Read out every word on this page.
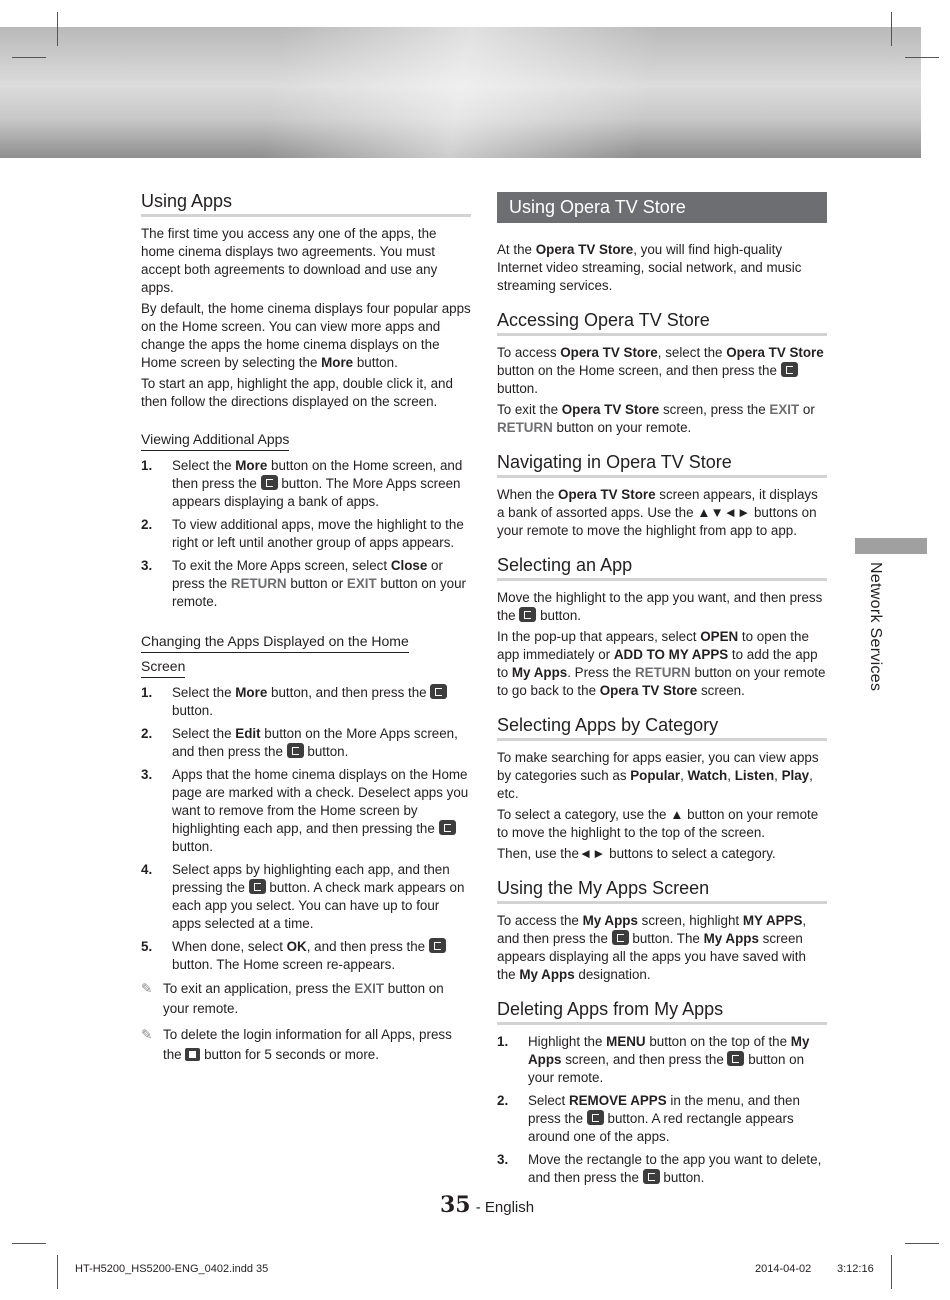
Using Apps

The first time you access any one of the apps, the home cinema displays two agreements. You must accept both agreements to download and use any apps.

By default, the home cinema displays four popular apps on the Home screen. You can view more apps and change the apps the home cinema displays on the Home screen by selecting the More button.

To start an app, highlight the app, double click it, and then follow the directions displayed on the screen.

Viewing Additional Apps
1. Select the More button on the Home screen, and then press the  button. The More Apps screen appears displaying a bank of apps.
2. To view additional apps, move the highlight to the right or left until another group of apps appears.
3. To exit the More Apps screen, select Close or press the RETURN button or EXIT button on your remote.
Changing the Apps Displayed on the Home
Screen
1. Select the More button, and then press the  button.
2. Select the Edit button on the More Apps screen, and then press the  button.
3. Apps that the home cinema displays on the Home page are marked with a check. Deselect apps you want to remove from the Home screen by highlighting each app, and then pressing the  button.
4. Select apps by highlighting each app, and then pressing the  button. A check mark appears on each app you select. You can have up to four apps selected at a time.
5. When done, select OK, and then press the  button. The Home screen re-appears.
✎ To exit an application, press the EXIT button on your remote.
✎ To delete the login information for all Apps, press the  button for 5 seconds or more.
Using Opera TV Store

At the Opera TV Store, you will find high-quality Internet video streaming, social network, and music streaming services.

Accessing Opera TV Store

To access Opera TV Store, select the Opera TV Store button on the Home screen, and then press the  button.

To exit the Opera TV Store screen, press the EXIT or RETURN button on your remote.

Navigating in Opera TV Store

When the Opera TV Store screen appears, it displays a bank of assorted apps. Use the ▲▼◄► buttons on your remote to move the highlight from app to app.

Selecting an App

Move the highlight to the app you want, and then press the  button.

In the pop-up that appears, select OPEN to open the app immediately or ADD TO MY APPS to add the app to My Apps. Press the RETURN button on your remote to go back to the Opera TV Store screen.

Selecting Apps by Category

To make searching for apps easier, you can view apps by categories such as Popular, Watch, Listen, Play, etc.

To select a category, use the ▲ button on your remote to move the highlight to the top of the screen.

Then, use the◄► buttons to select a category.

Using the My Apps Screen

To access the My Apps screen, highlight MY APPS, and then press the  button. The My Apps screen appears displaying all the apps you have saved with the My Apps designation.

Deleting Apps from My Apps
1. Highlight the MENU button on the top of the My Apps screen, and then press the  button on your remote.
2. Select REMOVE APPS in the menu, and then press the  button. A red rectangle appears around one of the apps.
3. Move the rectangle to the app you want to delete, and then press the  button.
Network Services
35 - English
HT-H5200_HS5200-ENG_0402.indd 35	2014-04-02 3:12:16
